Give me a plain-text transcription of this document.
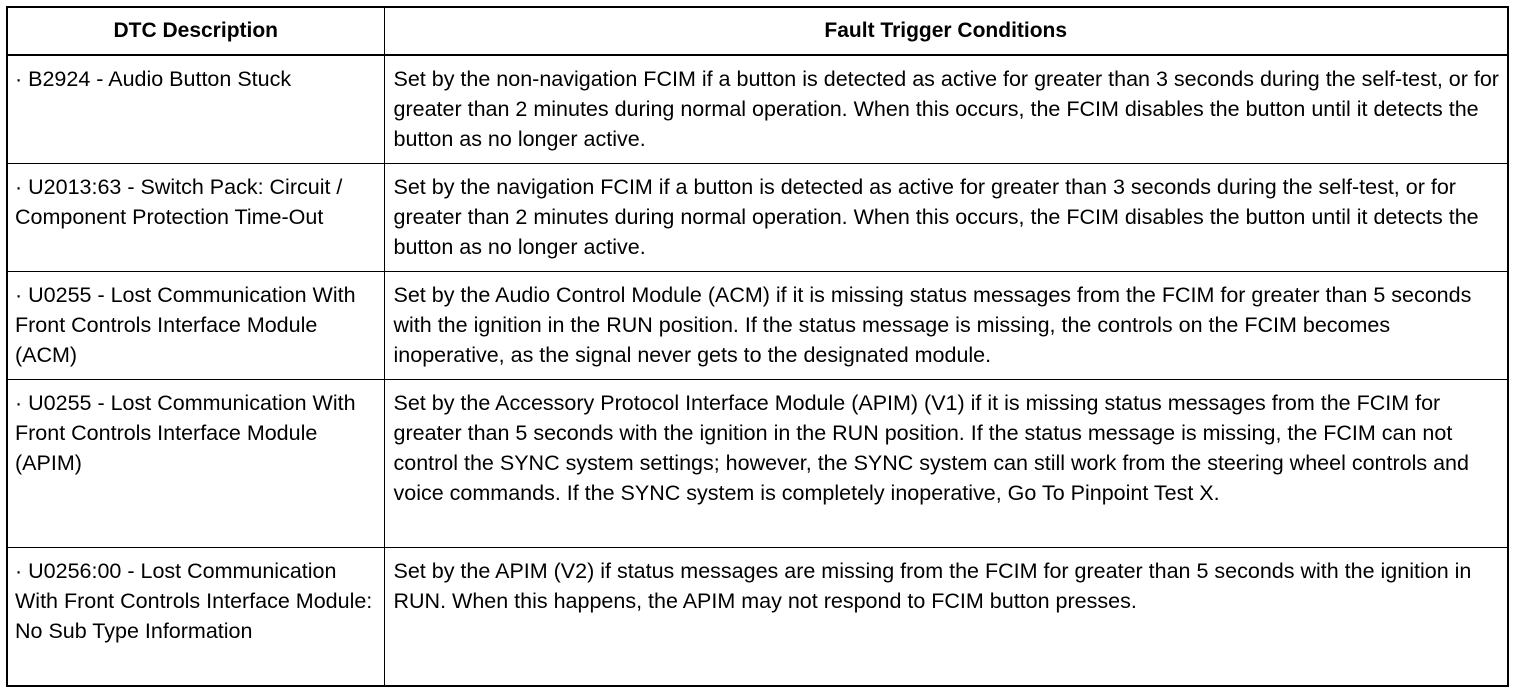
DTC Description	Fault Trigger Conditions
· B2924 - Audio Button Stuck	Set by the non-navigation FCIM if a button is detected as active for greater than 3 seconds during the self-test, or for greater than 2 minutes during normal operation. When this occurs, the FCIM disables the button until it detects the button as no longer active.
· U2013:63 - Switch Pack: Circuit / Component Protection Time-Out	Set by the navigation FCIM if a button is detected as active for greater than 3 seconds during the self-test, or for greater than 2 minutes during normal operation. When this occurs, the FCIM disables the button until it detects the button as no longer active.
· U0255 - Lost Communication With Front Controls Interface Module (ACM)	Set by the Audio Control Module (ACM) if it is missing status messages from the FCIM for greater than 5 seconds with the ignition in the RUN position. If the status message is missing, the controls on the FCIM becomes inoperative, as the signal never gets to the designated module.
· U0255 - Lost Communication With Front Controls Interface Module (APIM)	Set by the Accessory Protocol Interface Module (APIM) (V1) if it is missing status messages from the FCIM for greater than 5 seconds with the ignition in the RUN position. If the status message is missing, the FCIM can not control the SYNC system settings; however, the SYNC system can still work from the steering wheel controls and voice commands. If the SYNC system is completely inoperative, Go To Pinpoint Test X.
· U0256:00 - Lost Communication With Front Controls Interface Module: No Sub Type Information	Set by the APIM (V2) if status messages are missing from the FCIM for greater than 5 seconds with the ignition in RUN. When this happens, the APIM may not respond to FCIM button presses.
